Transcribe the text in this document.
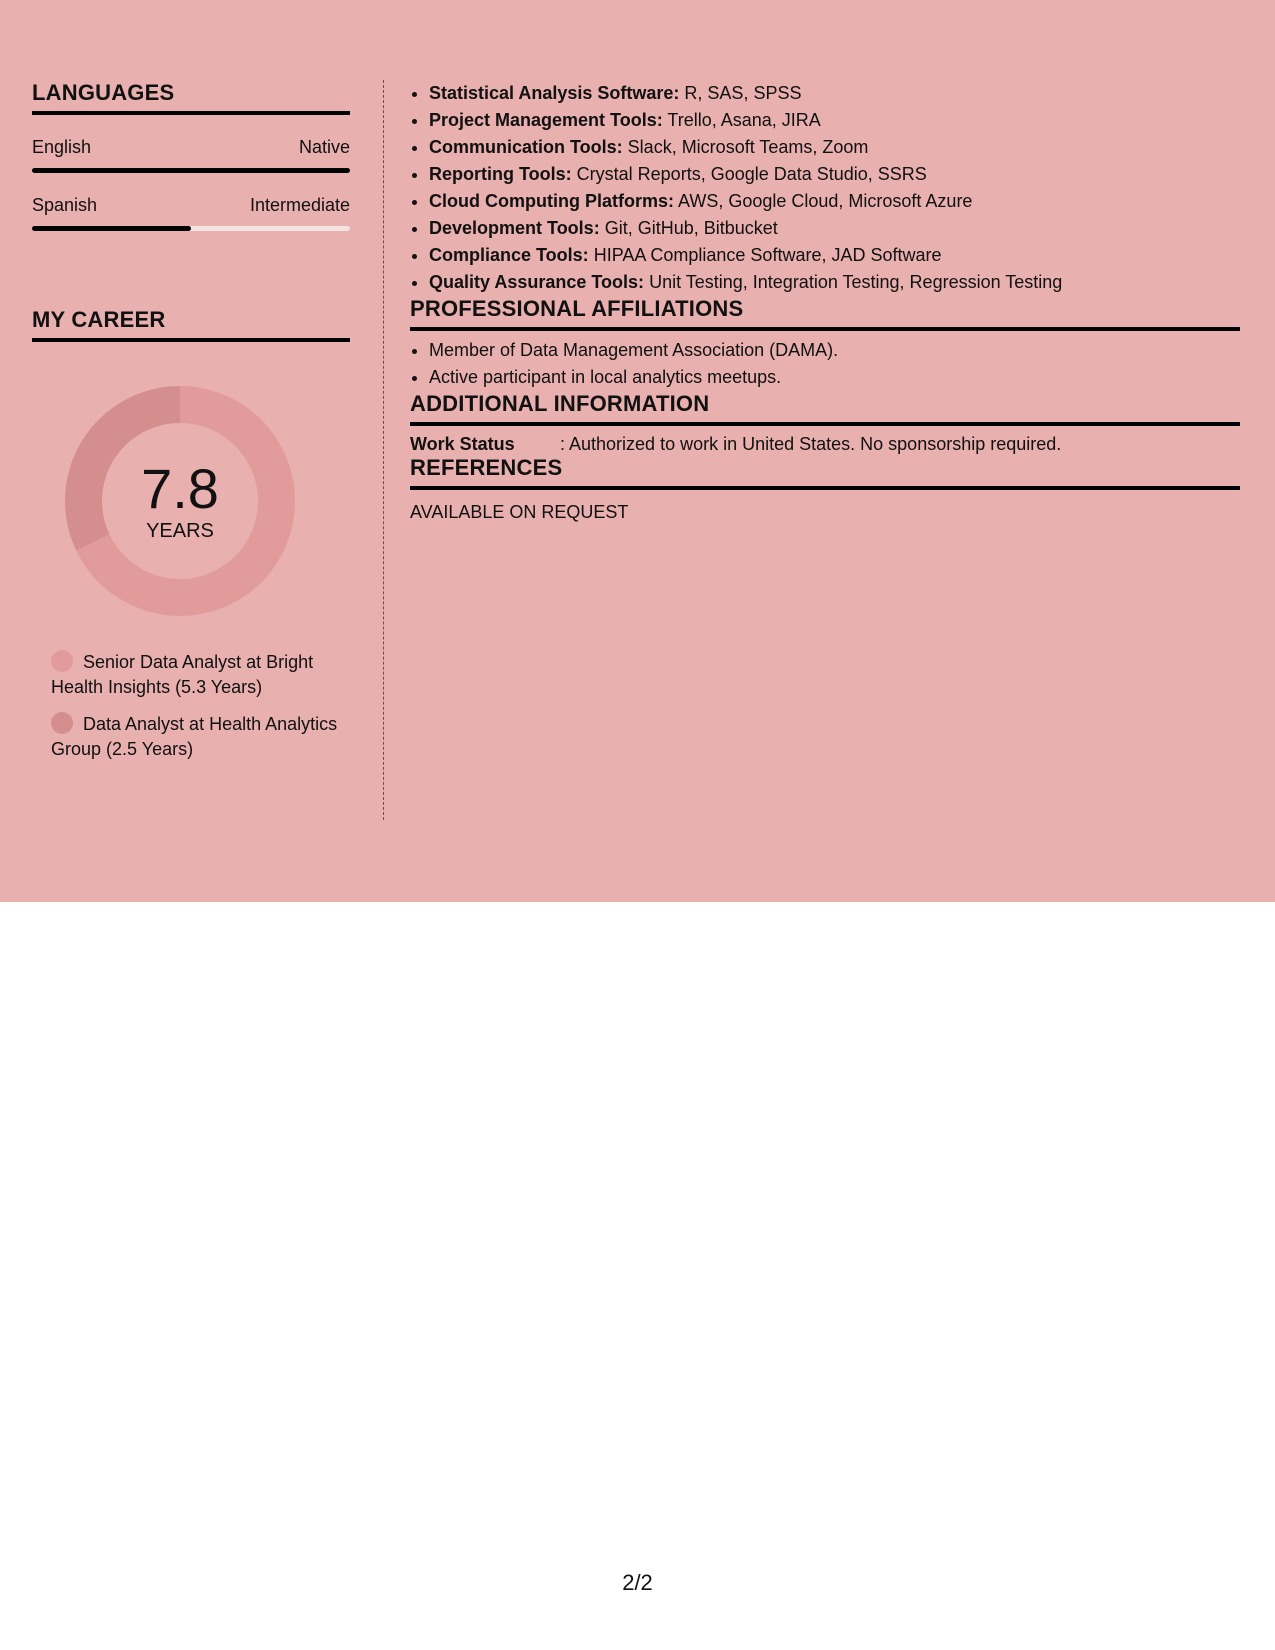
LANGUAGES
English	Native
Spanish	Intermediate
MY CAREER
7.8
YEARS
Senior Data Analyst at Bright Health Insights (5.3 Years)
Data Analyst at Health Analytics Group (2.5 Years)
• Statistical Analysis Software: R, SAS, SPSS
• Project Management Tools: Trello, Asana, JIRA
• Communication Tools: Slack, Microsoft Teams, Zoom
• Reporting Tools: Crystal Reports, Google Data Studio, SSRS
• Cloud Computing Platforms: AWS, Google Cloud, Microsoft Azure
• Development Tools: Git, GitHub, Bitbucket
• Compliance Tools: HIPAA Compliance Software, JAD Software
• Quality Assurance Tools: Unit Testing, Integration Testing, Regression Testing
PROFESSIONAL AFFILIATIONS
• Member of Data Management Association (DAMA).
• Active participant in local analytics meetups.
ADDITIONAL INFORMATION
Work Status	: Authorized to work in United States. No sponsorship required.
REFERENCES
AVAILABLE ON REQUEST
2/2
